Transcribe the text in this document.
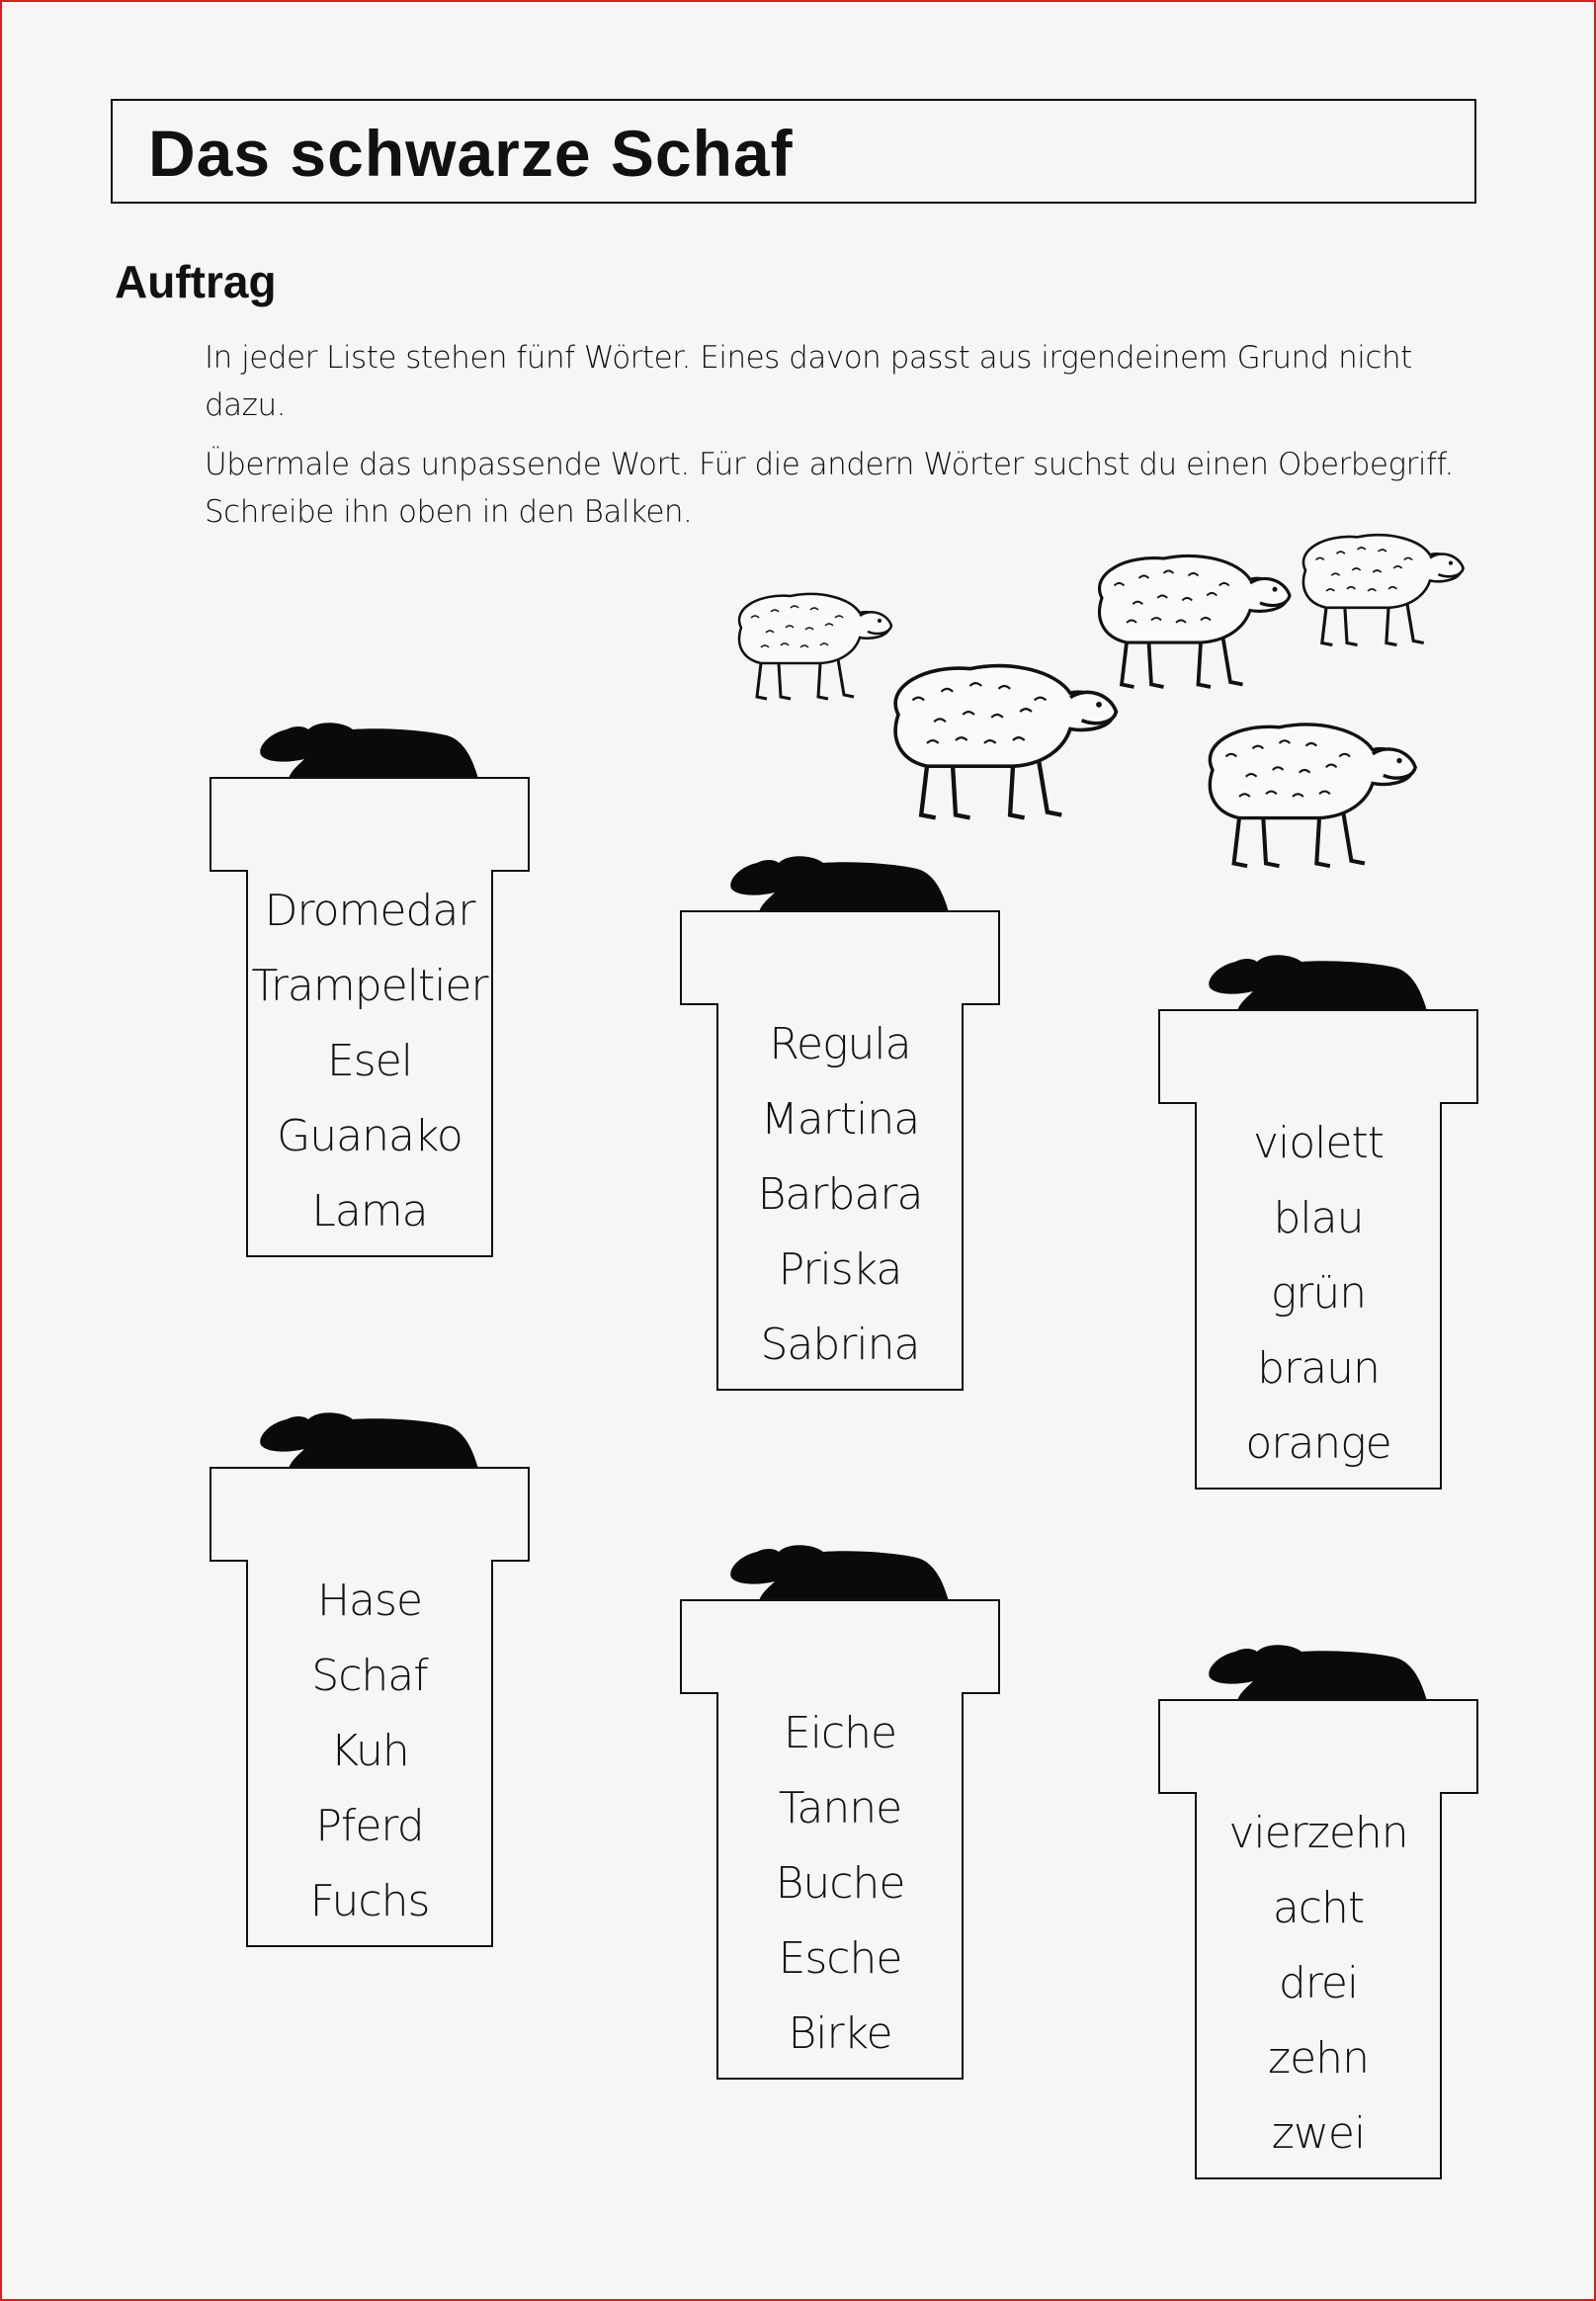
Das schwarze Schaf
Auftrag

In jeder Liste stehen fünf Wörter. Eines davon passt aus irgendeinem Grund nicht dazu.

Übermale das unpassende Wort. Für die andern Wörter suchst du einen Oberbegriff.

Schreibe ihn oben in den Balken.

Dromedar
Trampeltier
Esel
Guanako
Lama
Regula
Martina
Barbara
Priska
Sabrina
violett
blau
grün
braun
orange
Hase
Schaf
Kuh
Pferd
Fuchs
Eiche
Tanne
Buche
Esche
Birke
vierzehn
acht
drei
zehn
zwei
